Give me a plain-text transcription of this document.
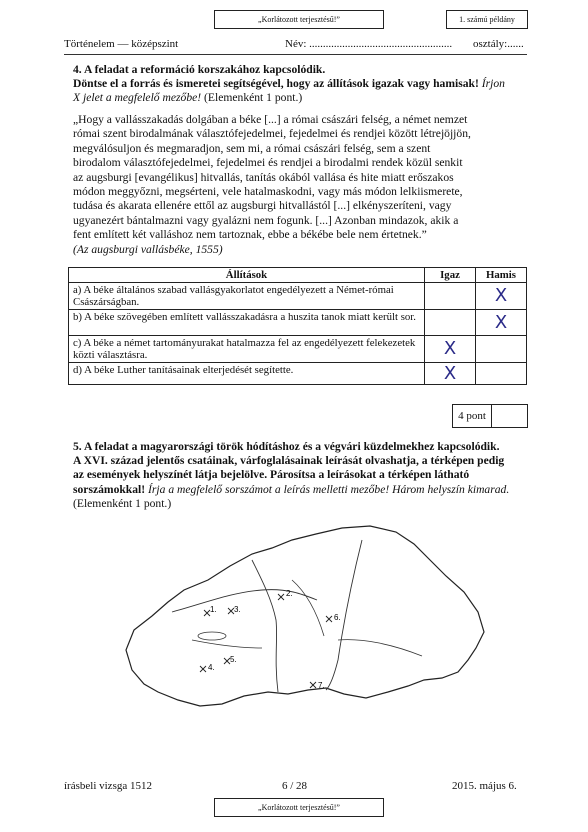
„Korlátozott terjesztésű!”	1. számú példány
Történelem — középszint	Név: .................................................... osztály:......
4. A feladat a reformáció korszakához kapcsolódik.
Döntse el a forrás és ismeretei segítségével, hogy az állítások igazak vagy hamisak! Írjon
X jelet a megfelelő mezőbe! (Elemenként 1 pont.)
„Hogy a vallásszakadás dolgában a béke [...] a római császári felség, a német nemzet
római szent birodalmának választófejedelmei, fejedelmei és rendjei között létrejöjjön,
megválósuljon és megmaradjon, sem mi, a római császári felség, sem a szent
birodalom választófejedelmei, fejedelmei és rendjei a birodalmi rendek közül senkit
az augsburgi [evangélikus] hitvallás, tanítás okából vallása és hite miatt erőszakos
módon meggyőzni, megsérteni, vele hatalmaskodni, vagy más módon lelkiismerete,
tudása és akarata ellenére ettől az augsburgi hitvallástól [...] elkényszeríteni, vagy
ugyanezért bántalmazni vagy gyalázni nem fogunk. [...] Azonban mindazok, akik a
fent említett két valláshoz nem tartoznak, ebbe a békébe bele nem értetnek.”
(Az augsburgi vallásbéke, 1555)
Állítások	Igaz	Hamis
a) A béke általános szabad vallásgyakorlatot engedélyezett a Német-római Császárságban.		X
b) A béke szövegében említett vallásszakadásra a huszita tanok miatt került sor.		X
c) A béke a német tartományurakat hatalmazza fel az engedélyezett felekezetek közti választásra.	X	
d) A béke Luther tanításainak elterjedését segítette.	X	
4 pont
5. A feladat a magyarországi török hódításhoz és a végvári küzdelmekhez kapcsolódik.
A XVI. század jelentős csatáinak, várfoglalásainak leírását olvashatja, a térképen pedig
az események helyszínét látja bejelölve. Párosítsa a leírásokat a térképen látható
sorszámokkal! Írja a megfelelő sorszámot a leírás melletti mezőbe! Három helyszín kimarad.
(Elemenként 1 pont.)
1.
2.
3.
4.
5.
6.
7.
írásbeli vizsga 1512	6 / 28	2015. május 6.
„Korlátozott terjesztésű!”
